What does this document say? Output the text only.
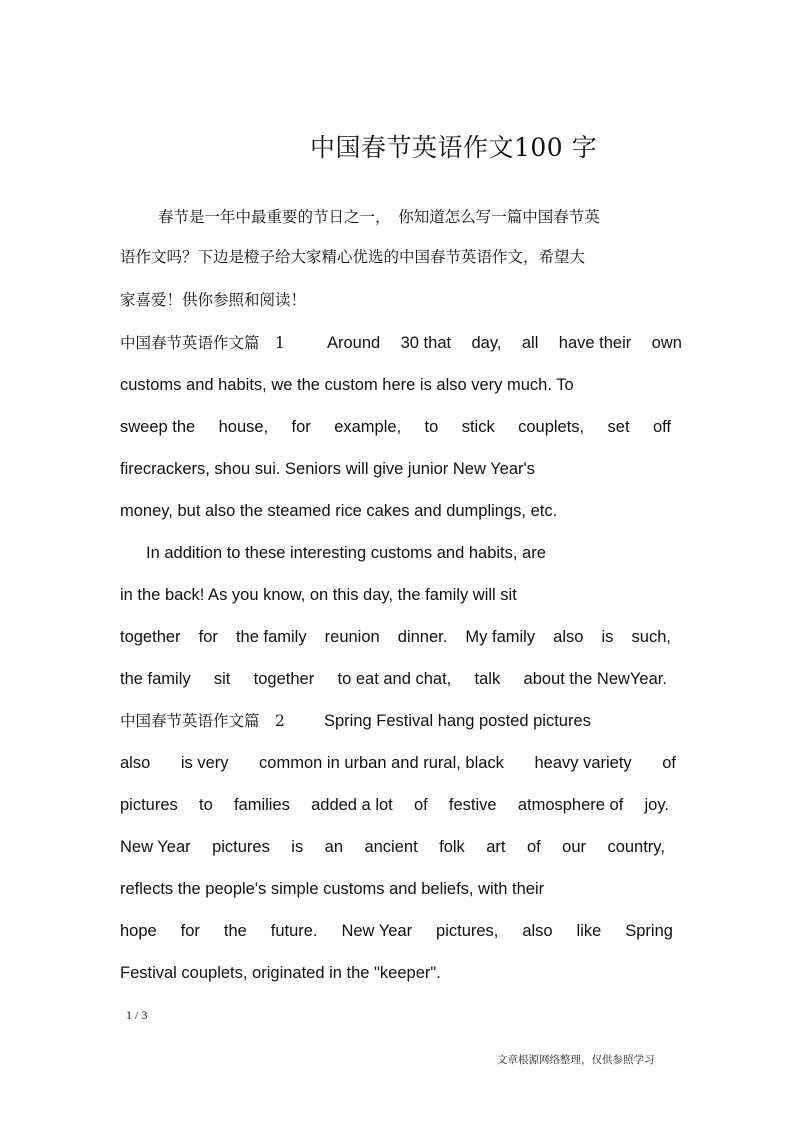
中国春节英语作文100 字
春节是一年中最重要的节日之一，　你知道怎么写一篇中国春节英
语作文吗？下边是橙子给大家精心优选的中国春节英语作文，希望大
家喜爱！供你参照和阅读！
中国春节英语作文篇　1	Around 30 that day, all have their own
customs and habits, we the custom here is also very much. To
sweep the house, for example, to stick couplets, set off
firecrackers, shou sui. Seniors will give junior New Year's
money, but also the steamed rice cakes and dumplings, etc.
In addition to these interesting customs and habits, are
in the back! As you know, on this day, the family will sit
together for the family reunion dinner. My family also is such,
the family sit together to eat and chat, talk about the NewYear.
中国春节英语作文篇　2 Spring Festival hang posted pictures
also is very common in urban and rural, black heavy variety of
pictures to families added a lot of festive atmosphere of joy.
New Year pictures is an ancient folk art of our country,
reflects the people's simple customs and beliefs, with their
hope for the future. New Year pictures, also like Spring
Festival couplets, originated in the "keeper".
1 / 3
文章根源网络整理，仅供参照学习
